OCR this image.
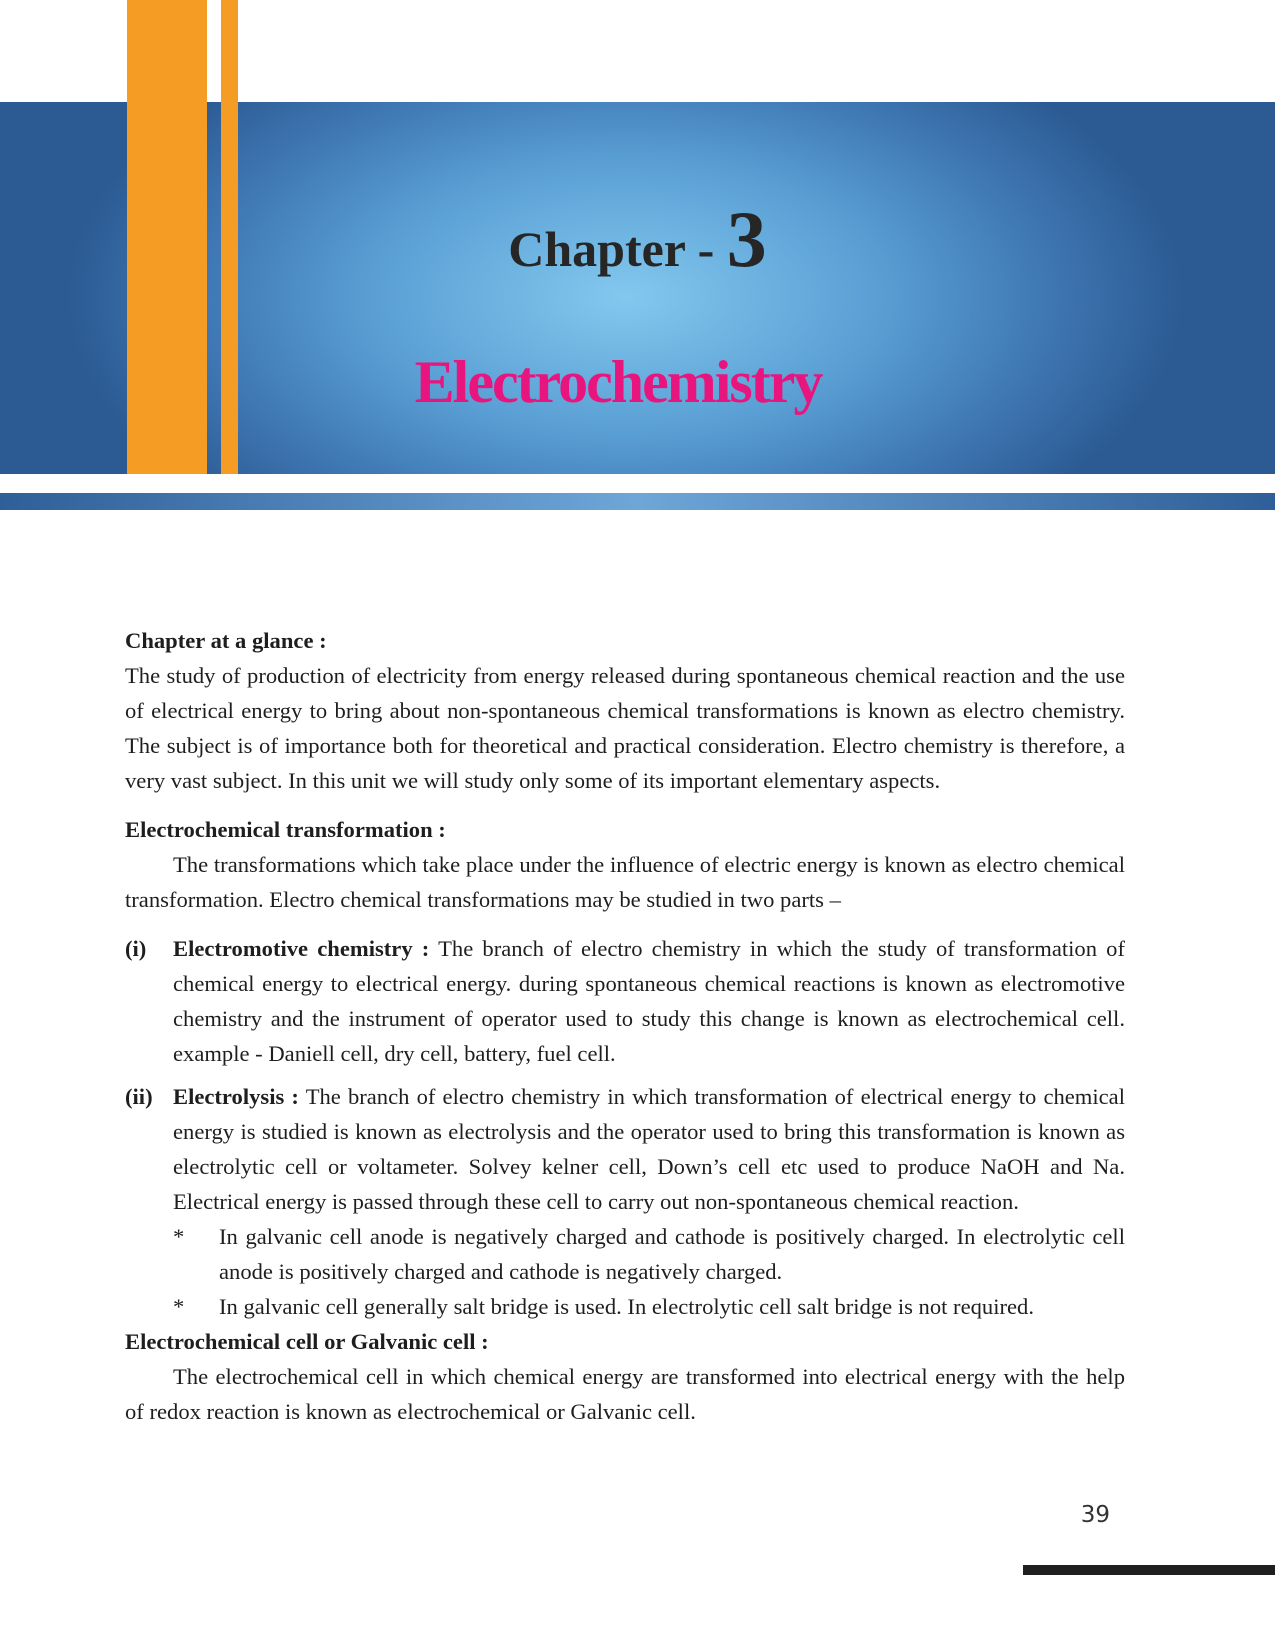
Chapter - 3
Electrochemistry

Chapter at a glance :

The study of production of electricity from energy released during spontaneous chemical reaction and the use of electrical energy to bring about non-spontaneous chemical transformations is known as electro chemistry. The subject is of importance both for theoretical and practical consideration. Electro chemistry is therefore, a very vast subject. In this unit we will study only some of its important elementary aspects.

Electrochemical transformation :

The transformations which take place under the influence of electric energy is known as electro chemical transformation. Electro chemical transformations may be studied in two parts –

(i)	Electromotive chemistry : The branch of electro chemistry in which the study of transformation of chemical energy to electrical energy. during spontaneous chemical reactions is known as electromotive chemistry and the instrument of operator used to study this change is known as electrochemical cell. example - Daniell cell, dry cell, battery, fuel cell.
(ii) Electrolysis : The branch of electro chemistry in which transformation of electrical energy to chemical energy is studied is known as electrolysis and the operator used to bring this transformation is known as electrolytic cell or voltameter. Solvey kelner cell, Down’s cell etc used to produce NaOH and Na. Electrical energy is passed through these cell to carry out non-spontaneous chemical reaction.
*	In galvanic cell anode is negatively charged and cathode is positively charged. In electrolytic cell anode is positively charged and cathode is negatively charged.
*	In galvanic cell generally salt bridge is used. In electrolytic cell salt bridge is not required.

Electrochemical cell or Galvanic cell :

The electrochemical cell in which chemical energy are transformed into electrical energy with the help of redox reaction is known as electrochemical or Galvanic cell.

39
